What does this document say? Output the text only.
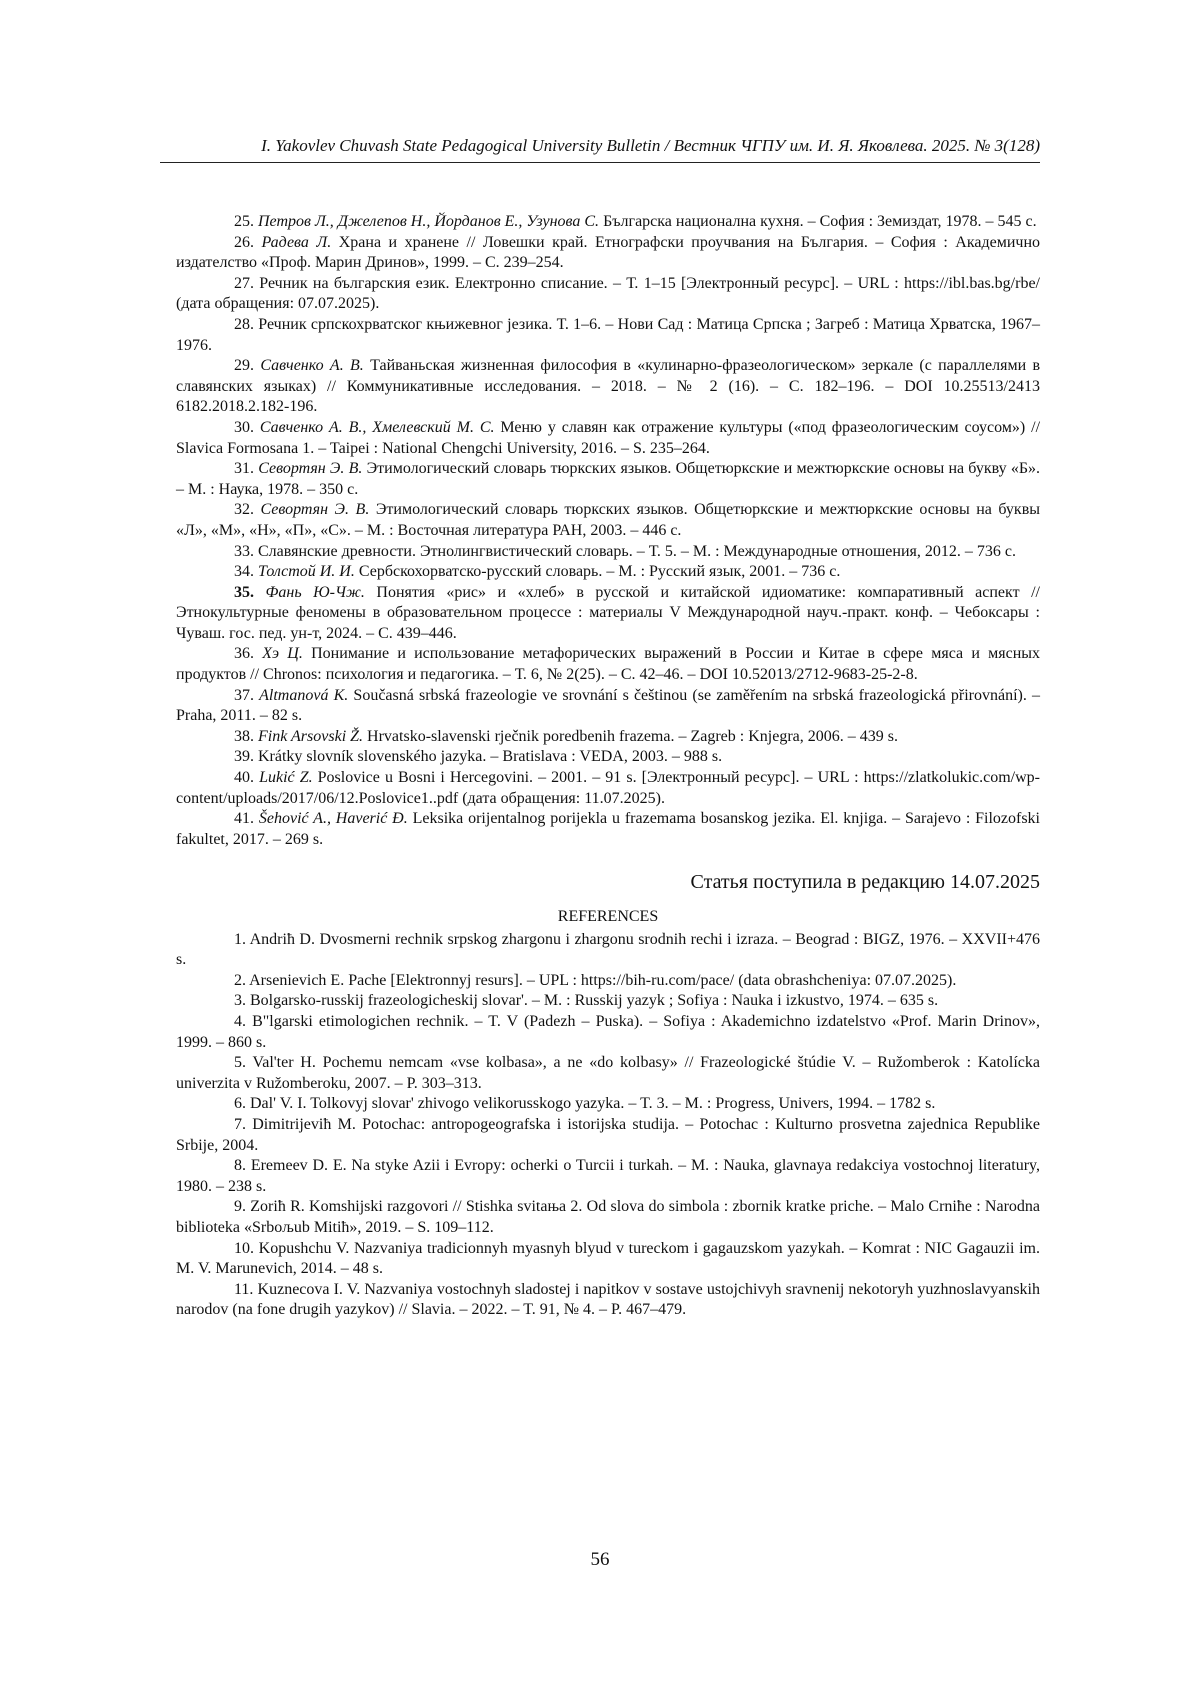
I. Yakovlev Chuvash State Pedagogical University Bulletin / Вестник ЧГПУ им. И. Я. Яковлева. 2025. № 3(128)

25. Петров Л., Джелепов Н., Йорданов Е., Узунова С. Българска национална кухня. – София : Земиздат, 1978. – 545 с.

26. Радева Л. Храна и хранене // Ловешки край. Етнографски проучвания на България. – София : Академично издателство «Проф. Марин Дринов», 1999. – С. 239–254.

27. Речник на българския език. Електронно списание. – Т. 1–15 [Электронный ресурс]. – URL : https://ibl.bas.bg/rbe/ (дата обращения: 07.07.2025).

28. Речник српскохрватског књижевног језика. Т. 1–6. – Нови Сад : Матица Српска ; Загреб : Матица Хрватска, 1967–1976.

29. Савченко А. В. Тайваньская жизненная философия в «кулинарно-фразеологическом» зеркале (с параллелями в славянских языках) // Коммуникативные исследования. – 2018. – № 2 (16). – С. 182–196. – DOI 10.25513/2413 6182.2018.2.182-196.

30. Савченко А. В., Хмелевский М. С. Меню у славян как отражение культуры («под фразеологическим соусом») // Slavica Formosana 1. – Taipei : National Chengchi University, 2016. – S. 235–264.

31. Севортян Э. В. Этимологический словарь тюркских языков. Общетюркские и межтюркские основы на букву «Б». – М. : Наука, 1978. – 350 с.

32. Севортян Э. В. Этимологический словарь тюркских языков. Общетюркские и межтюркские основы на буквы «Л», «М», «Н», «П», «С». – М. : Восточная литература РАН, 2003. – 446 с.

33. Славянские древности. Этнолингвистический словарь. – Т. 5. – М. : Международные отношения, 2012. – 736 с.

34. Толстой И. И. Сербскохорватско-русский словарь. – М. : Русский язык, 2001. – 736 с.

35. Фань Ю-Чж. Понятия «рис» и «хлеб» в русской и китайской идиоматике: компаративный аспект // Этнокультурные феномены в образовательном процессе : материалы V Международной науч.-практ. конф. – Чебоксары : Чуваш. гос. пед. ун-т, 2024. – С. 439–446.

36. Хэ Ц. Понимание и использование метафорических выражений в России и Китае в сфере мяса и мясных продуктов // Chronos: психология и педагогика. – Т. 6, № 2(25). – С. 42–46. – DOI 10.52013/2712-9683-25-2-8.

37. Altmanová K. Současná srbská frazeologie ve srovnání s češtinou (se zaměřením na srbská frazeologická přirovnání). – Praha, 2011. – 82 s.

38. Fink Arsovski Ž. Hrvatsko-slavenski rječnik poredbenih frazema. – Zagreb : Knjegra, 2006. – 439 s.

39. Krátky slovník slovenského jazyka. – Bratislava : VEDA, 2003. – 988 s.

40. Lukić Z. Poslovice u Bosni i Hercegovini. – 2001. – 91 s. [Электронный ресурс]. – URL : https://zlatkolukic.com/wp-content/uploads/2017/06/12.Poslovice1..pdf (дата обращения: 11.07.2025).

41. Šehović A., Haverić Đ. Leksika orijentalnog porijekla u frazemama bosanskog jezika. El. knjiga. – Sarajevo : Filozofski fakultet, 2017. – 269 s.

Статья поступила в редакцию 14.07.2025
REFERENCES

1. Andriħ D. Dvosmerni rechnik srpskog zhargonu i zhargonu srodnih rechi i izraza. – Beograd : BIGZ, 1976. – XXVII+476 s.

2. Arsenievich E. Pache [Elektronnyj resurs]. – UPL : https://bih-ru.com/pace/ (data obrashcheniya: 07.07.2025).

3. Bolgarsko-russkij frazeologicheskij slovar'. – M. : Russkij yazyk ; Sofiya : Nauka i izkustvo, 1974. – 635 s.

4. B"lgarski etimologichen rechnik. – T. V (Padezh – Puska). – Sofiya : Akademichno izdatelstvo «Prof. Marin Drinov», 1999. – 860 s.

5. Val'ter H. Pochemu nemcam «vse kolbasa», a ne «do kolbasy» // Frazeologické štúdie V. – Ružomberok : Katolícka univerzita v Ružomberoku, 2007. – P. 303–313.

6. Dal' V. I. Tolkovyj slovar' zhivogo velikorusskogo yazyka. – T. 3. – M. : Progress, Univers, 1994. – 1782 s.

7. Dimitrijeviħ M. Potochac: antropogeografska i istorijska studija. – Potochac : Kulturno prosvetna zajednica Republike Srbije, 2004.

8. Eremeev D. E. Na styke Azii i Evropy: ocherki o Turcii i turkah. – M. : Nauka, glavnaya redakciya vostochnoj literatury, 1980. – 238 s.

9. Zoriħ R. Komshijski razgovori // Stishka svitaњa 2. Od slova do simbola : zbornik kratke priche. – Malo Crniħe : Narodna biblioteka «Srboљub Mitiħ», 2019. – S. 109–112.

10. Kopushchu V. Nazvaniya tradicionnyh myasnyh blyud v tureckom i gagauzskom yazykah. – Komrat : NIC Gagauzii im. M. V. Marunevich, 2014. – 48 s.

11. Kuznecova I. V. Nazvaniya vostochnyh sladostej i napitkov v sostave ustojchivyh sravnenij nekotoryh yuzhnoslavyanskih narodov (na fone drugih yazykov) // Slavia. – 2022. – T. 91, № 4. – P. 467–479.

56
